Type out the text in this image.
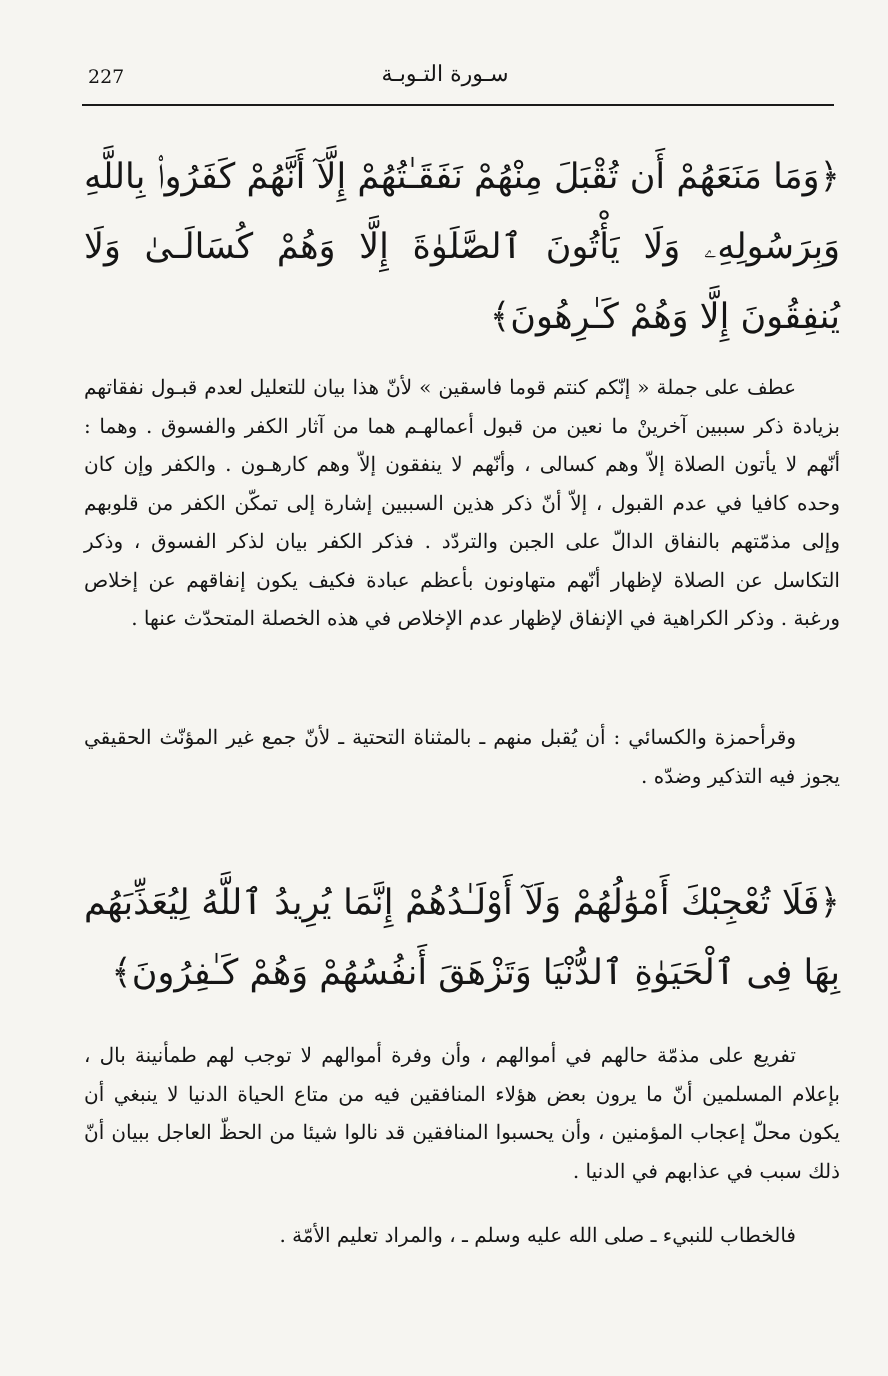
227	سـورة التـوبـة
﴿وَمَا مَنَعَهُمْ أَن تُقْبَلَ مِنْهُمْ نَفَقَـٰتُهُمْ إِلَّآ أَنَّهُمْ كَفَرُوا۟ بِاللَّهِ وَبِرَسُولِهِۦ وَلَا يَأْتُونَ ٱلصَّلَوٰةَ إِلَّا وَهُمْ كُسَالَـىٰ وَلَا يُنفِقُونَ إِلَّا وَهُمْ كَـٰرِهُونَ﴾
عطف على جملة « إنّكم كنتم قوما فاسقين » لأنّ هذا بيان للتعليل لعدم قبـول نفقاتهم بزيادة ذكر سببين آخرينْ ما نعين من قبول أعمالهـم هما من آثار الكفر والفسوق . وهما : أنّهم لا يأتون الصلاة إلاّ وهم كسالى ، وأنّهم لا ينفقون إلاّ وهم كارهـون . والكفر وإن كان وحده كافيا في عدم القبول ، إلاّ أنّ ذكر هذين السببين إشارة إلى تمكّن الكفر من قلوبهم وإلى مذمّتهم بالنفاق الدالّ على الجبن والتردّد . فذكر الكفر بيان لذكر الفسوق ، وذكر التكاسل عن الصلاة لإظهار أنّهم متهاونون بأعظم عبادة فكيف يكون إنفاقهم عن إخلاص ورغبة . وذكر الكراهية في الإنفاق لإظهار عدم الإخلاص في هذه الخصلة المتحدّث عنها .
وقرأحمزة والكسائي : أن يُقبل منهم ـ بالمثناة التحتية ـ لأنّ جمع غير المؤنّث الحقيقي يجوز فيه التذكير وضدّه .
﴿فَلَا تُعْجِبْكَ أَمْوَٰلُهُمْ وَلَآ أَوْلَـٰدُهُمْ إِنَّمَا يُرِيدُ ٱللَّهُ لِيُعَذِّبَهُم بِهَا فِى ٱلْحَيَوٰةِ ٱلدُّنْيَا وَتَزْهَقَ أَنفُسُهُمْ وَهُمْ كَـٰفِرُونَ﴾
تفريع على مذمّة حالهم في أموالهم ، وأن وفرة أموالهم لا توجب لهم طمأنينة بال ، بإعلام المسلمين أنّ ما يرون بعض هؤلاء المنافقين فيه من متاع الحياة الدنيا لا ينبغي أن يكون محلّ إعجاب المؤمنين ، وأن يحسبوا المنافقين قد نالوا شيئا من الحظّ العاجل ببيان أنّ ذلك سبب في عذابهم في الدنيا .
فالخطاب للنبيء ـ صلى الله عليه وسلم ـ ، والمراد تعليم الأمّة .
